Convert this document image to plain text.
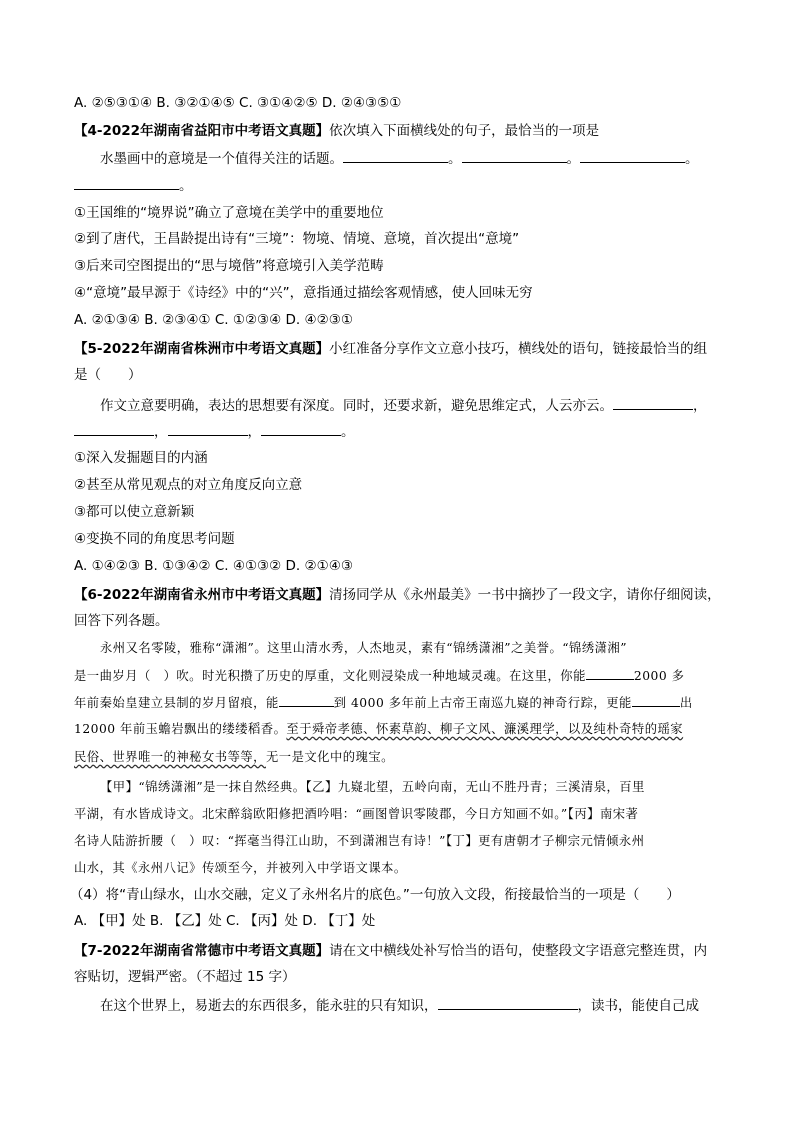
A. ②⑤③①④ B. ③②①④⑤ C. ③①④②⑤ D. ②④③⑤①
【4-2022年湖南省益阳市中考语文真题】依次填入下面横线处的句子，最恰当的一项是
水墨画中的意境是一个值得关注的话题。	。	。	。
。
①王国维的“境界说”确立了意境在美学中的重要地位
②到了唐代，王昌龄提出诗有“三境”：物境、情境、意境，首次提出“意境”
③后来司空图提出的“思与境偕”将意境引入美学范畴
④“意境”最早源于《诗经》中的“兴”，意指通过描绘客观情感，使人回味无穷
A. ②①③④ B. ②③④① C. ①②③④ D. ④②③①
【5-2022年湖南省株洲市中考语文真题】小红准备分享作文立意小技巧，横线处的语句，链接最恰当的组
是（　　）
作文立意要明确，表达的思想要有深度。同时，还要求新，避免思维定式，人云亦云。	，
，	，	。
①深入发掘题目的内涵
②甚至从常见观点的对立角度反向立意
③都可以使立意新颖
④变换不同的角度思考问题
A. ①④②③ B. ①③④② C. ④①③② D. ②①④③
【6-2022年湖南省永州市中考语文真题】清扬同学从《永州最美》一书中摘抄了一段文字，请你仔细阅读，
回答下列各题。
永州又名零陵，雅称“潇湘”。这里山清水秀，人杰地灵，素有“锦绣潇湘”之美誉。“锦绣潇湘”
是一曲岁月（　）吹。时光积攒了历史的厚重，文化则浸染成一种地域灵魂。在这里，你能	2000 多
年前秦始皇建立县制的岁月留痕，能	到 4000 多年前上古帝王南巡九嶷的神奇行踪，更能	出
12000 年前玉蟾岩飘出的缕缕稻香。至于舜帝孝德、怀素草韵、柳子文风、濂溪理学，以及纯朴奇特的瑶家
民俗、世界唯一的神秘女书等等，无一是文化中的瑰宝。
【甲】“锦绣潇湘”是一抹自然经典。【乙】九嶷北望，五岭向南，无山不胜丹青；三溪清泉，百里
平湖，有水皆成诗文。北宋醉翁欧阳修把酒吟唱：“画图曾识零陵郡，今日方知画不如。”【丙】南宋著
名诗人陆游折腰（　）叹：“挥毫当得江山助，不到潇湘岂有诗！”【丁】更有唐朝才子柳宗元情倾永州
山水，其《永州八记》传颂至今，并被列入中学语文课本。
（4）将“青山绿水，山水交融，定义了永州名片的底色。”一句放入文段，衔接最恰当的一项是（　　）
A. 【甲】处 B. 【乙】处 C. 【丙】处 D. 【丁】处
【7-2022年湖南省常德市中考语文真题】请在文中横线处补写恰当的语句，使整段文字语意完整连贯，内
容贴切，逻辑严密。（不超过 15 字）
在这个世界上，易逝去的东西很多，能永驻的只有知识，	，读书，能使自己成
